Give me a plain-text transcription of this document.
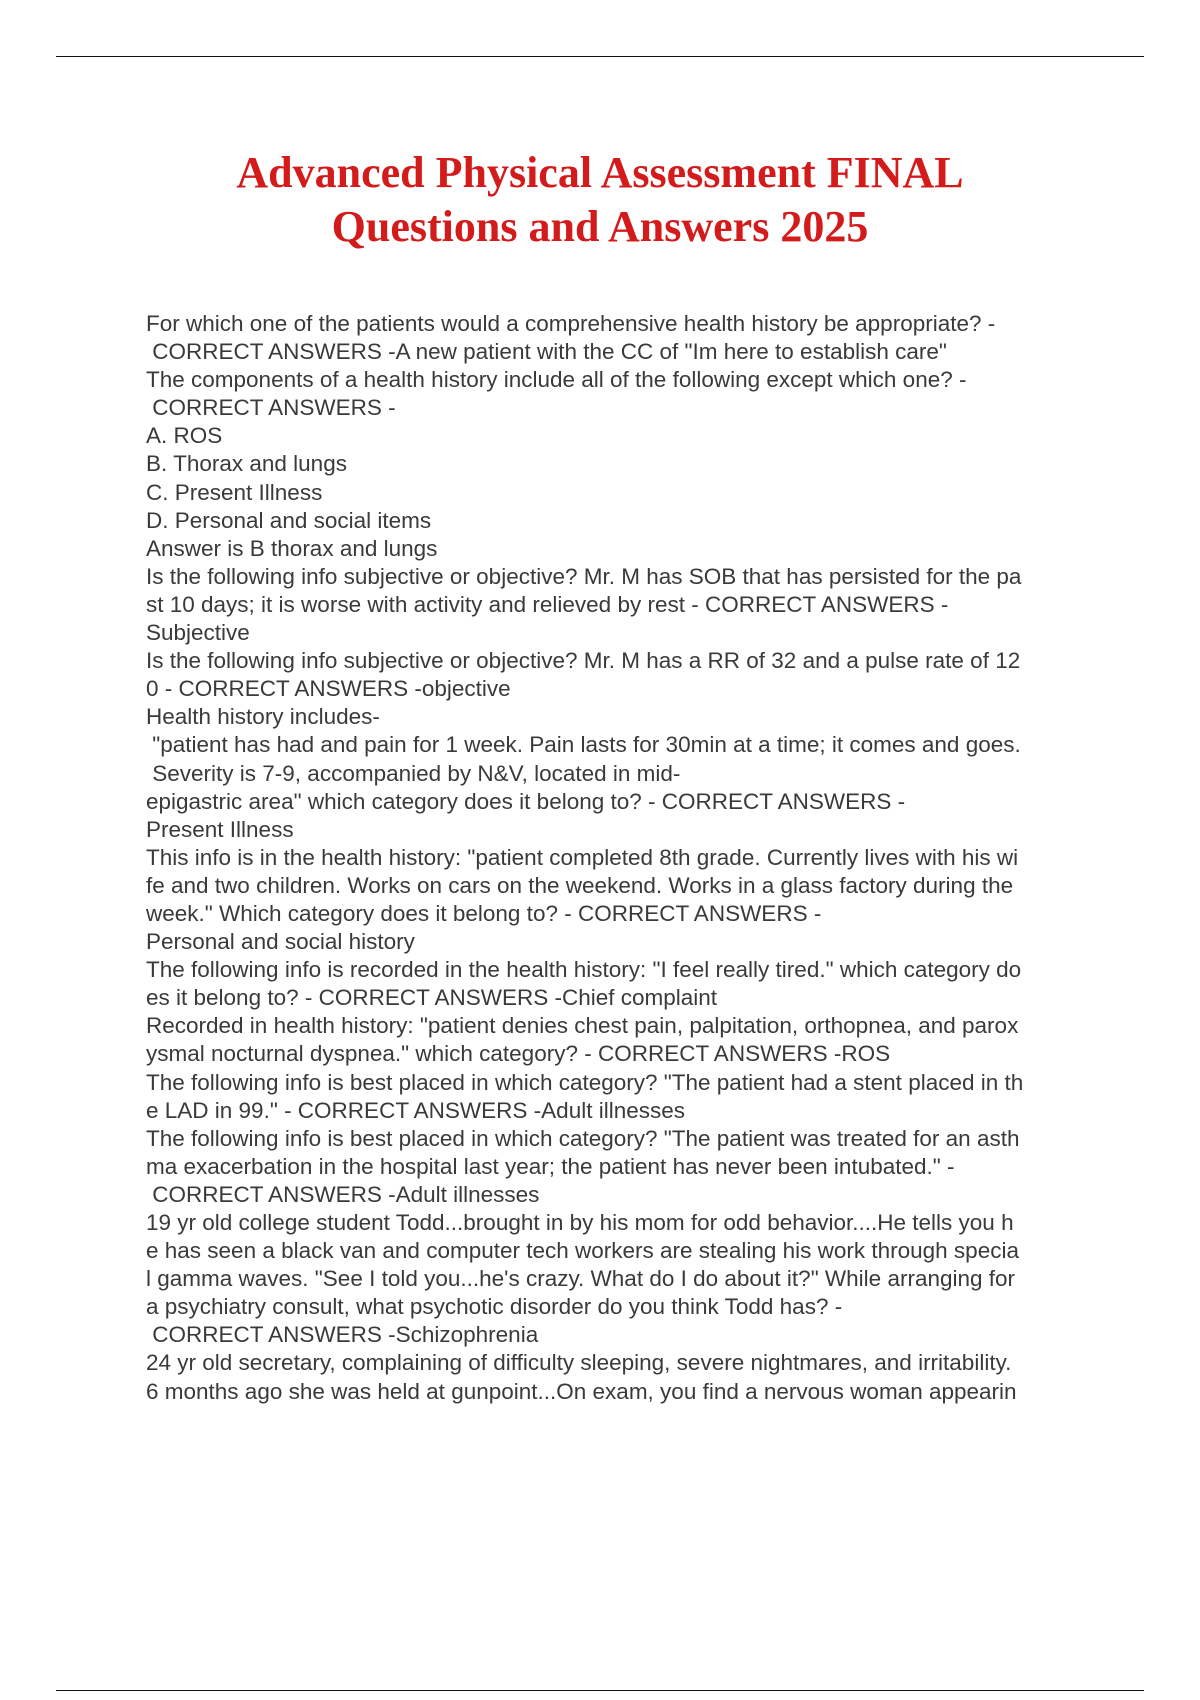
Advanced Physical Assessment FINAL
Questions and Answers 2025
For which one of the patients would a comprehensive health history be appropriate? -
CORRECT ANSWERS -A new patient with the CC of "Im here to establish care"
The components of a health history include all of the following except which one? -
CORRECT ANSWERS -
A. ROS
B. Thorax and lungs
C. Present Illness
D. Personal and social items
Answer is B thorax and lungs
Is the following info subjective or objective? Mr. M has SOB that has persisted for the pa
st 10 days; it is worse with activity and relieved by rest - CORRECT ANSWERS -
Subjective
Is the following info subjective or objective? Mr. M has a RR of 32 and a pulse rate of 12
0 - CORRECT ANSWERS -objective
Health history includes-
"patient has had and pain for 1 week. Pain lasts for 30min at a time; it comes and goes.
Severity is 7-9, accompanied by N&V, located in mid-
epigastric area" which category does it belong to? - CORRECT ANSWERS -
Present Illness
This info is in the health history: "patient completed 8th grade. Currently lives with his wi
fe and two children. Works on cars on the weekend. Works in a glass factory during the
week." Which category does it belong to? - CORRECT ANSWERS -
Personal and social history
The following info is recorded in the health history: "I feel really tired." which category do
es it belong to? - CORRECT ANSWERS -Chief complaint
Recorded in health history: "patient denies chest pain, palpitation, orthopnea, and parox
ysmal nocturnal dyspnea." which category? - CORRECT ANSWERS -ROS
The following info is best placed in which category? "The patient had a stent placed in th
e LAD in 99." - CORRECT ANSWERS -Adult illnesses
The following info is best placed in which category? "The patient was treated for an asth
ma exacerbation in the hospital last year; the patient has never been intubated." -
CORRECT ANSWERS -Adult illnesses
19 yr old college student Todd...brought in by his mom for odd behavior....He tells you h
e has seen a black van and computer tech workers are stealing his work through specia
l gamma waves. "See I told you...he's crazy. What do I do about it?" While arranging for
a psychiatry consult, what psychotic disorder do you think Todd has? -
CORRECT ANSWERS -Schizophrenia
24 yr old secretary, complaining of difficulty sleeping, severe nightmares, and irritability.
6 months ago she was held at gunpoint...On exam, you find a nervous woman appearin
